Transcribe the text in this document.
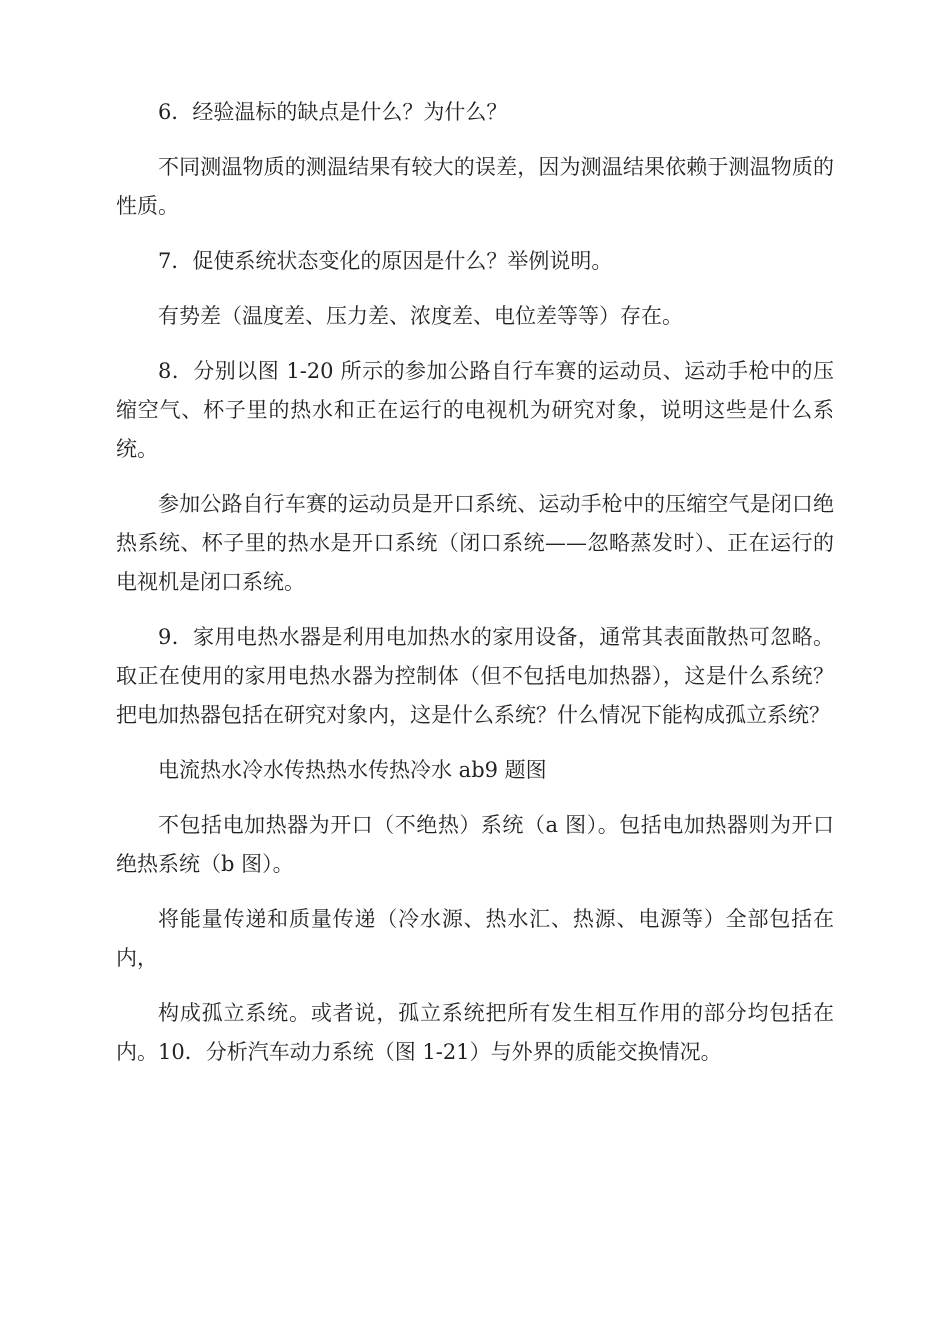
6．经验温标的缺点是什么？为什么？

不同测温物质的测温结果有较大的误差，因为测温结果依赖于测温物质的性质。

7．促使系统状态变化的原因是什么？举例说明。

有势差（温度差、压力差、浓度差、电位差等等）存在。

8．分别以图 1-20 所示的参加公路自行车赛的运动员、运动手枪中的压缩空气、杯子里的热水和正在运行的电视机为研究对象，说明这些是什么系统。

参加公路自行车赛的运动员是开口系统、运动手枪中的压缩空气是闭口绝热系统、杯子里的热水是开口系统（闭口系统——忽略蒸发时）、正在运行的电视机是闭口系统。

9．家用电热水器是利用电加热水的家用设备，通常其表面散热可忽略。取正在使用的家用电热水器为控制体（但不包括电加热器），这是什么系统？把电加热器包括在研究对象内，这是什么系统？什么情况下能构成孤立系统？

电流热水冷水传热热水传热冷水 ab9 题图

不包括电加热器为开口（不绝热）系统（a 图）。包括电加热器则为开口绝热系统（b 图）。

将能量传递和质量传递（冷水源、热水汇、热源、电源等）全部包括在内，

构成孤立系统。或者说，孤立系统把所有发生相互作用的部分均包括在内。10．分析汽车动力系统（图 1-21）与外界的质能交换情况。
